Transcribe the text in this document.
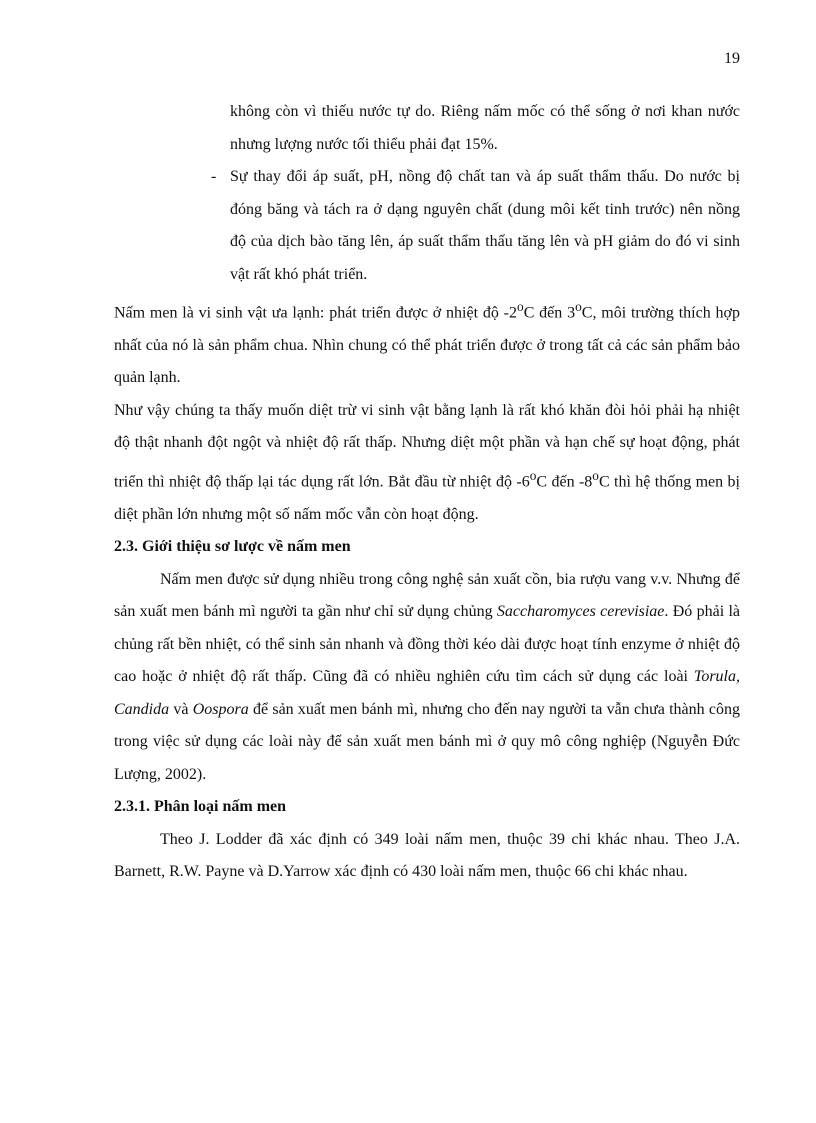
19

không còn vì thiếu nước tự do. Riêng nấm mốc có thể sống ở nơi khan nước nhưng lượng nước tối thiểu phải đạt 15%.

- Sự thay đổi áp suất, pH, nồng độ chất tan và áp suất thẩm thấu. Do nước bị đóng băng và tách ra ở dạng nguyên chất (dung môi kết tinh trước) nên nồng độ của dịch bào tăng lên, áp suất thẩm thấu tăng lên và pH giảm do đó vi sinh vật rất khó phát triển.

Nấm men là vi sinh vật ưa lạnh: phát triển được ở nhiệt độ -2$^o$C đến 3$^o$C, môi trường thích hợp nhất của nó là sản phẩm chua. Nhìn chung có thể phát triển được ở trong tất cả các sản phẩm bảo quản lạnh.

Như vậy chúng ta thấy muốn diệt trừ vi sinh vật bằng lạnh là rất khó khăn đòi hỏi phải hạ nhiệt độ thật nhanh đột ngột và nhiệt độ rất thấp. Nhưng diệt một phần và hạn chế sự hoạt động, phát triển thì nhiệt độ thấp lại tác dụng rất lớn. Bắt đầu từ nhiệt độ -6$^o$C đến -8$^o$C thì hệ thống men bị diệt phần lớn nhưng một số nấm mốc vẫn còn hoạt động.

2.3. Giới thiệu sơ lược về nấm men

Nấm men được sử dụng nhiều trong công nghệ sản xuất cồn, bia rượu vang v.v. Nhưng để sản xuất men bánh mì người ta gần như chỉ sử dụng chủng Saccharomyces cerevisiae. Đó phải là chủng rất bền nhiệt, có thể sinh sản nhanh và đồng thời kéo dài được hoạt tính enzyme ở nhiệt độ cao hoặc ở nhiệt độ rất thấp. Cũng đã có nhiều nghiên cứu tìm cách sử dụng các loài Torula, Candida và Oospora để sản xuất men bánh mì, nhưng cho đến nay người ta vẫn chưa thành công trong việc sử dụng các loài này để sản xuất men bánh mì ở quy mô công nghiệp (Nguyễn Đức Lượng, 2002).

2.3.1. Phân loại nấm men

Theo J. Lodder đã xác định có 349 loài nấm men, thuộc 39 chi khác nhau. Theo J.A. Barnett, R.W. Payne và D.Yarrow xác định có 430 loài nấm men, thuộc 66 chi khác nhau.
